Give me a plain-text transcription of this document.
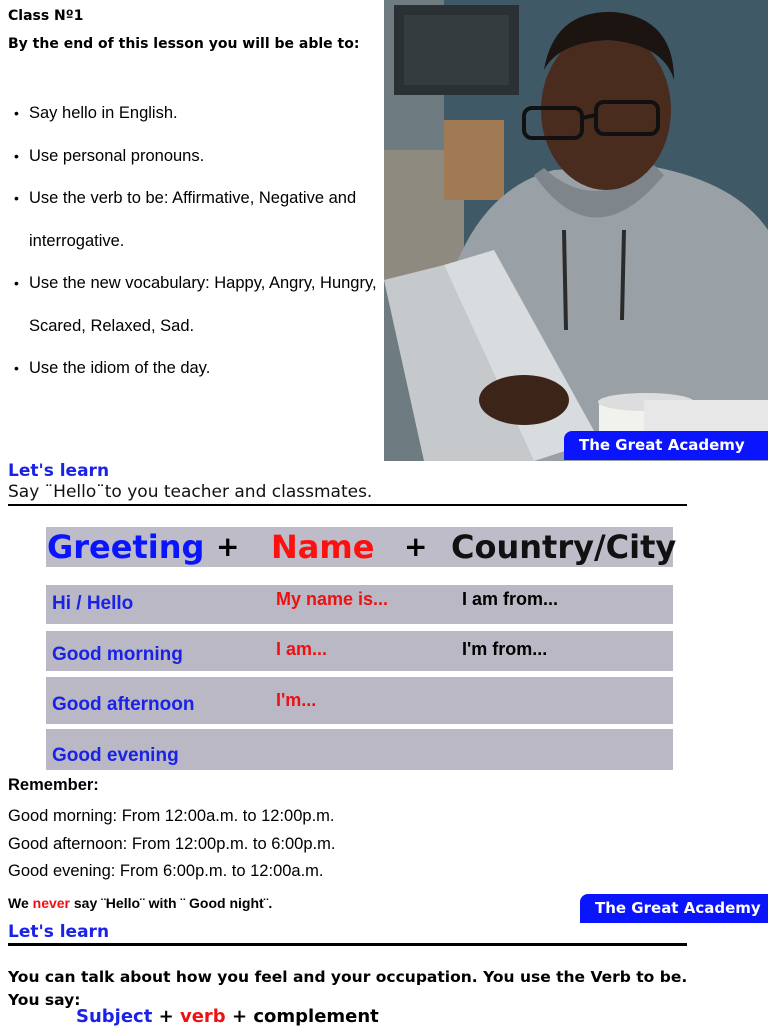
Class Nº1
By the end of this lesson you will be able to:
• Say hello in English.
• Use personal pronouns.
• Use the verb to be: Affirmative, Negative and interrogative.
• Use the new vocabulary: Happy, Angry, Hungry, Scared, Relaxed, Sad.
• Use the idiom of the day.
The Great Academy
Let's learn
Say ¨Hello¨to you teacher and classmates.
Greeting + Name + Country/City
Hi / Hello	My name is...	I am from...
Good morning	I am...	I'm from...
Good afternoon	I'm...
Good evening
Remember:
Good morning: From 12:00a.m. to 12:00p.m.
Good afternoon: From 12:00p.m. to 6:00p.m.
Good evening: From 6:00p.m. to 12:00a.m.
We never say ¨Hello¨ with ¨ Good night¨.	The Great Academy
Let's learn
You can talk about how you feel and your occupation. You use the Verb to be. You say:
Subject + verb + complement
